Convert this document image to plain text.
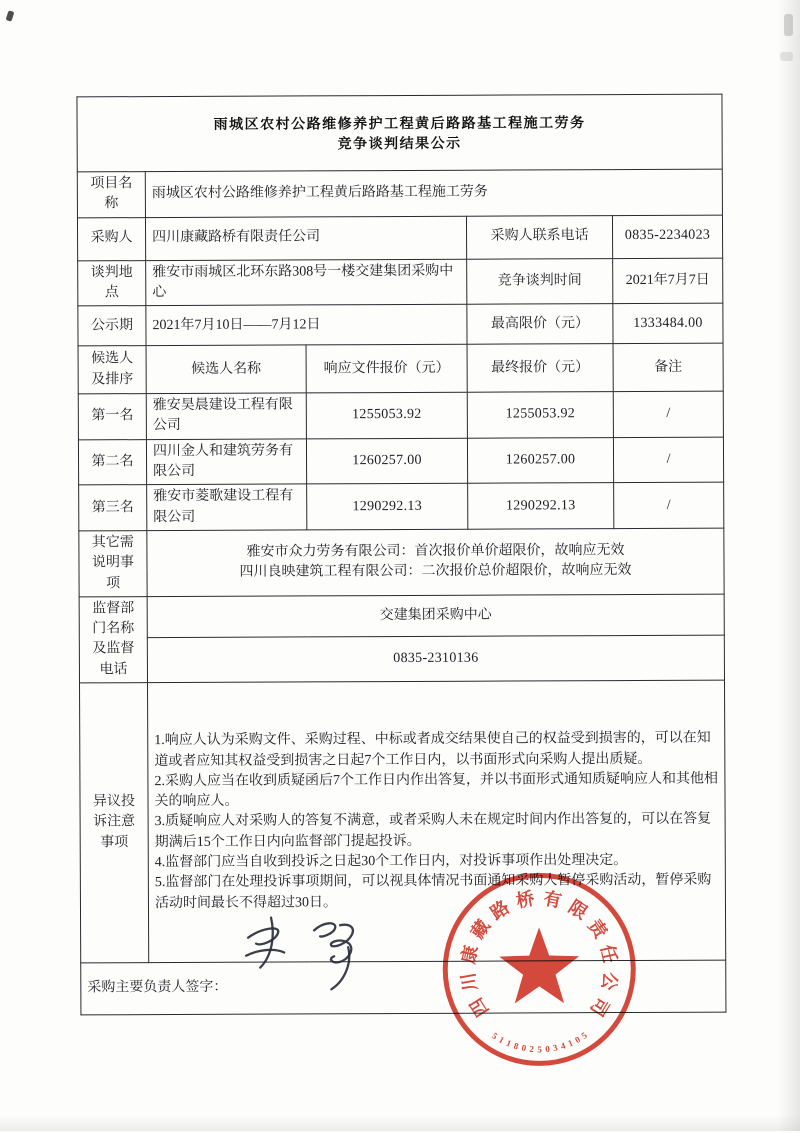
雨城区农村公路维修养护工程黄后路路基工程施工劳务
竞争谈判结果公示				

项目名称	雨城区农村公路维修养护工程黄后路路基工程施工劳务			
采购人	四川康藏路桥有限责任公司		采购人联系电话	0835-2234023
谈判地点	雅安市雨城区北环东路308号一楼交建集团采购中心		竞争谈判时间	2021年7月7日
公示期	2021年7月10日——7月12日		最高限价（元）	1333484.00
候选人及排序	候选人名称	响应文件报价（元）	最终报价（元）	备注
第一名	雅安昊晨建设工程有限公司	1255053.92	1255053.92	/
第二名	四川金人和建筑劳务有限公司	1260257.00	1260257.00	/
第三名	雅安市菱歌建设工程有限公司	1290292.13	1290292.13	/
其它需说明事项	雅安市众力劳务有限公司：首次报价单价超限价，故响应无效
四川良映建筑工程有限公司：二次报价总价超限价，故响应无效			

监督部门名称及监督电话	交建集团采购中心			
	0835-2310136			
异议投诉注意事项	1.响应人认为采购文件、采购过程、中标或者成交结果使自己的权益受到损害的，可以在知道或者应知其权益受到损害之日起7个工作日内，以书面形式向采购人提出质疑。
2.采购人应当在收到质疑函后7个工作日内作出答复，并以书面形式通知质疑响应人和其他相关的响应人。
3.质疑响应人对采购人的答复不满意，或者采购人未在规定时间内作出答复的，可以在答复期满后15个工作日内向监督部门提起投诉。
4.监督部门应当自收到投诉之日起30个工作日内，对投诉事项作出处理决定。
5.监督部门在处理投诉事项期间，可以视具体情况书面通知采购人暂停采购活动，暂停采购活动时间最长不得超过30日。			

采购主要负责人签字：				
四
川
康
藏
路 桥 有 限
责
任
公
司
5
1
1 8 0 2 5 0 3 4 1
0
5
